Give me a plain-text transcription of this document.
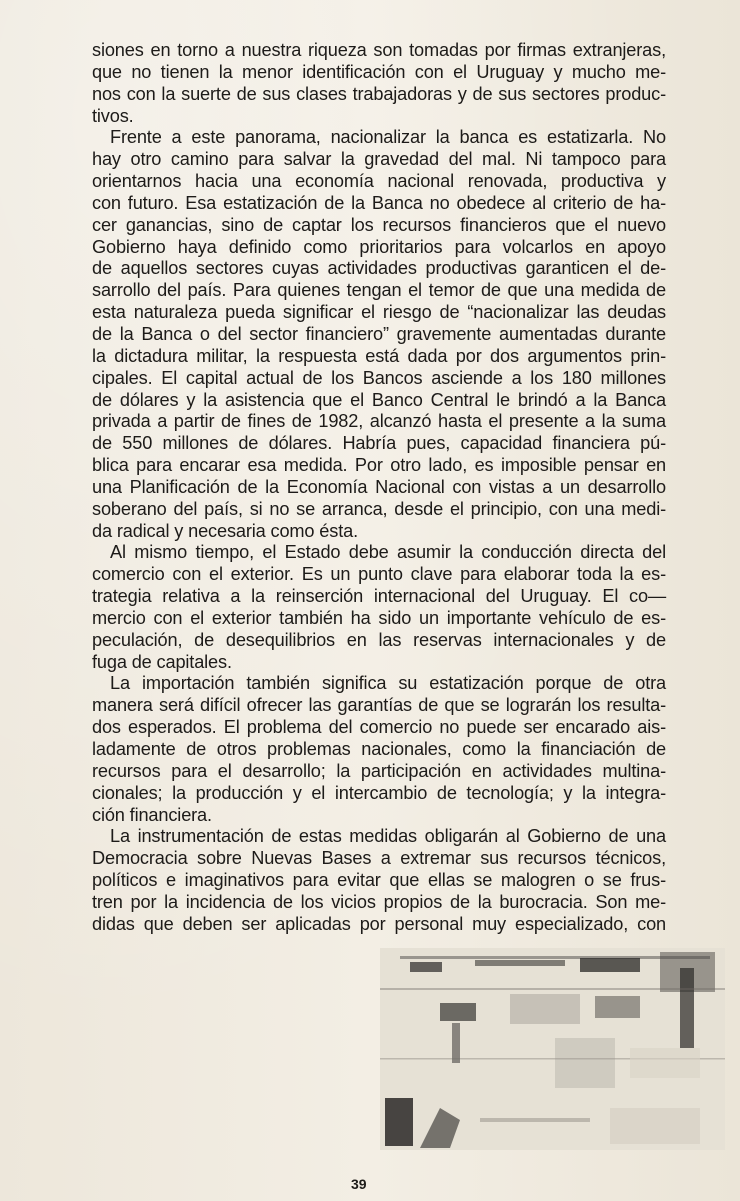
siones en torno a nuestra riqueza son tomadas por firmas extranjeras,
que no tienen la menor identificación con el Uruguay y mucho me-
nos con la suerte de sus clases trabajadoras y de sus sectores produc-
tivos.

Frente a este panorama, nacionalizar la banca es estatizarla. No
hay otro camino para salvar la gravedad del mal. Ni tampoco para
orientarnos hacia una economía nacional renovada, productiva y
con futuro. Esa estatización de la Banca no obedece al criterio de ha-
cer ganancias, sino de captar los recursos financieros que el nuevo
Gobierno haya definido como prioritarios para volcarlos en apoyo
de aquellos sectores cuyas actividades productivas garanticen el de-
sarrollo del país. Para quienes tengan el temor de que una medida de
esta naturaleza pueda significar el riesgo de “nacionalizar las deudas
de la Banca o del sector financiero” gravemente aumentadas durante
la dictadura militar, la respuesta está dada por dos argumentos prin-
cipales. El capital actual de los Bancos asciende a los 180 millones
de dólares y la asistencia que el Banco Central le brindó a la Banca
privada a partir de fines de 1982, alcanzó hasta el presente a la suma
de 550 millones de dólares. Habría pues, capacidad financiera pú-
blica para encarar esa medida. Por otro lado, es imposible pensar en
una Planificación de la Economía Nacional con vistas a un desarrollo
soberano del país, si no se arranca, desde el principio, con una medi-
da radical y necesaria como ésta.

Al mismo tiempo, el Estado debe asumir la conducción directa del
comercio con el exterior. Es un punto clave para elaborar toda la es-
trategia relativa a la reinserción internacional del Uruguay. El co—
mercio con el exterior también ha sido un importante vehículo de es-
peculación, de desequilibrios en las reservas internacionales y de
fuga de capitales.

La importación también significa su estatización porque de otra
manera será difícil ofrecer las garantías de que se lograrán los resulta-
dos esperados. El problema del comercio no puede ser encarado ais-
ladamente de otros problemas nacionales, como la financiación de
recursos para el desarrollo; la participación en actividades multina-
cionales; la producción y el intercambio de tecnología; y la integra-
ción financiera.

La instrumentación de estas medidas obligarán al Gobierno de una
Democracia sobre Nuevas Bases a extremar sus recursos técnicos,
políticos e imaginativos para evitar que ellas se malogren o se frus-
tren por la incidencia de los vicios propios de la burocracia. Son me-
didas que deben ser aplicadas por personal muy especializado, con

39
